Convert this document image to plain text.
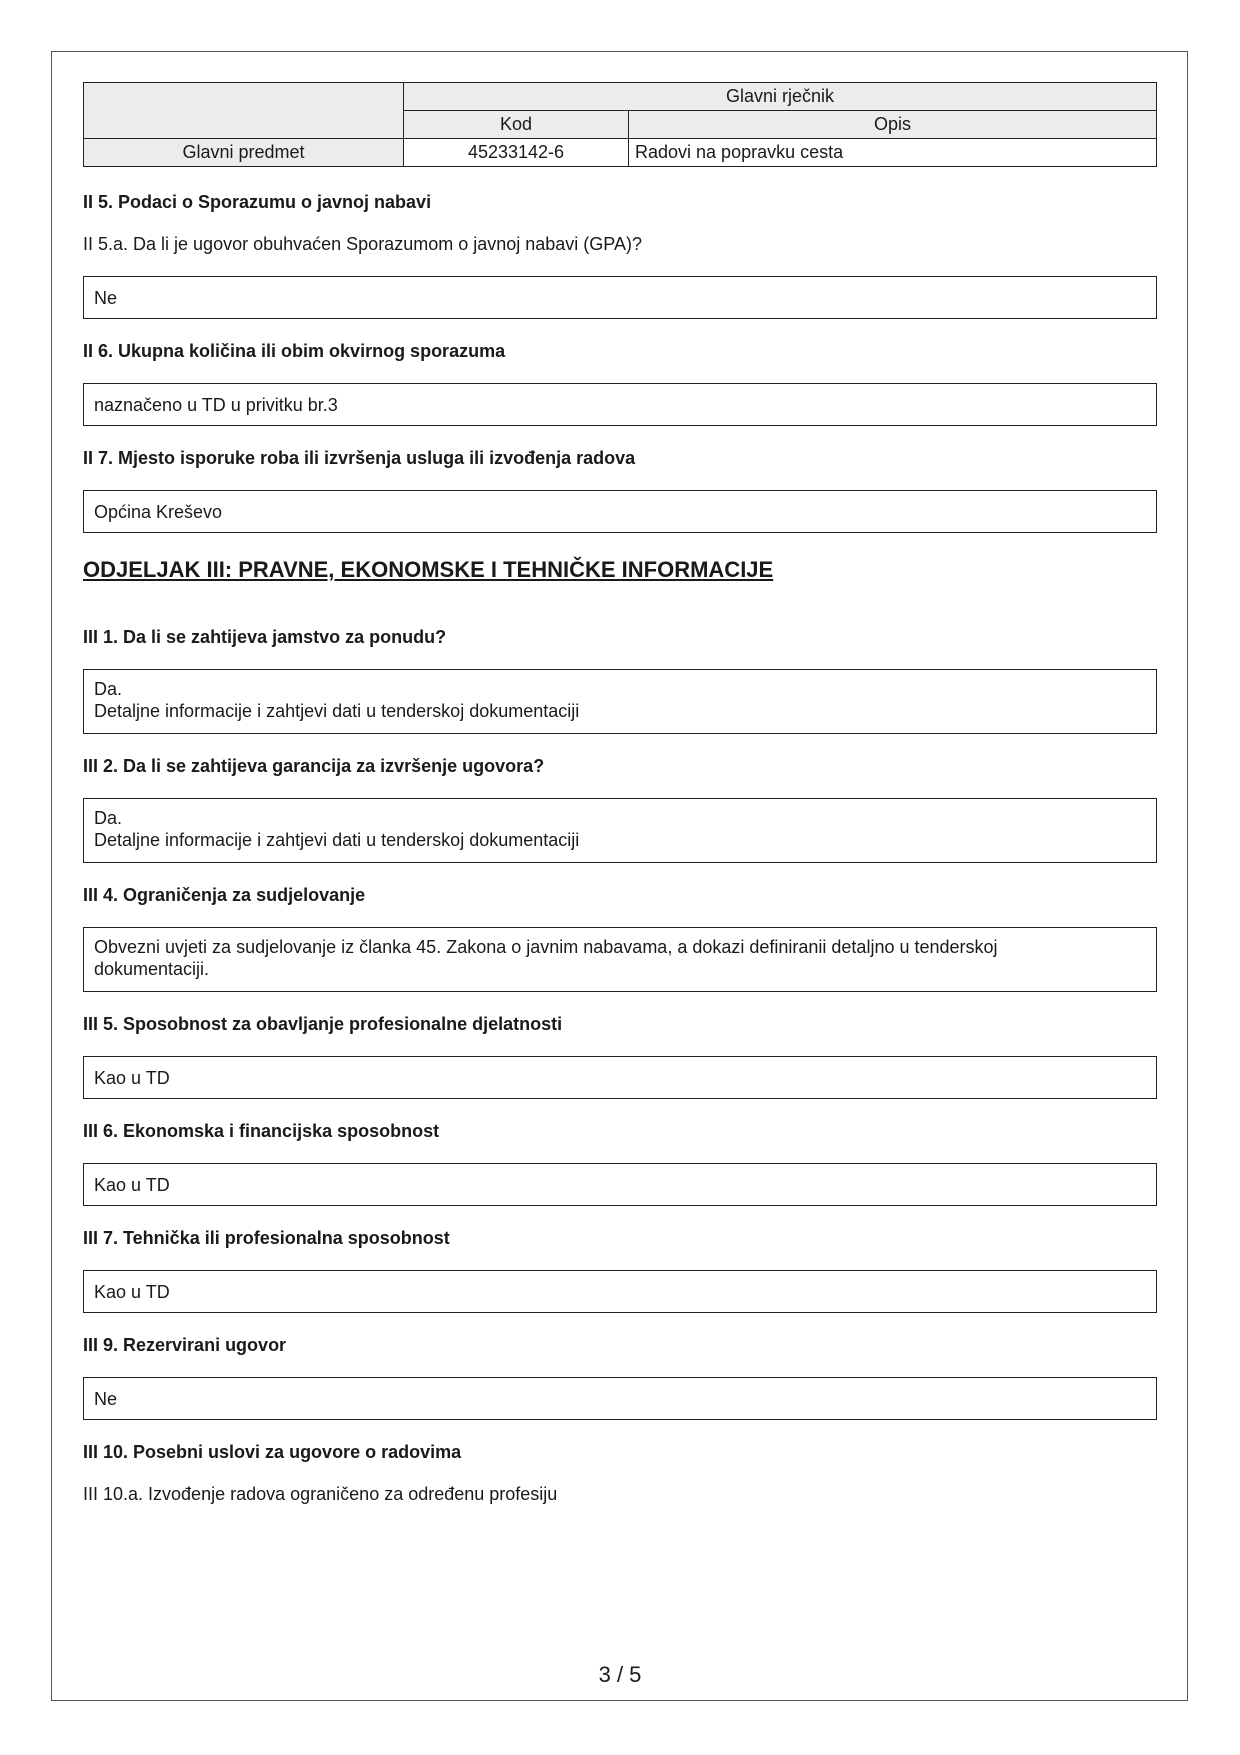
	Glavni rječnik	
	Kod	Opis
Glavni predmet	45233142-6	Radovi na popravku cesta

II 5. Podaci o Sporazumu o javnoj nabavi

II 5.a. Da li je ugovor obuhvaćen Sporazumom o javnoj nabavi (GPA)?

Ne

II 6. Ukupna količina ili obim okvirnog sporazuma

naznačeno u TD u privitku br.3

II 7. Mjesto isporuke roba ili izvršenja usluga ili izvođenja radova

Općina Kreševo

ODJELJAK III: PRAVNE, EKONOMSKE I TEHNIČKE INFORMACIJE

III 1. Da li se zahtijeva jamstvo za ponudu?

Da.
Detaljne informacije i zahtjevi dati u tenderskoj dokumentaciji

III 2. Da li se zahtijeva garancija za izvršenje ugovora?

Da.
Detaljne informacije i zahtjevi dati u tenderskoj dokumentaciji

III 4. Ograničenja za sudjelovanje

Obvezni uvjeti za sudjelovanje iz članka 45. Zakona o javnim nabavama, a dokazi definiranii detaljno u tenderskoj
dokumentaciji.

III 5. Sposobnost za obavljanje profesionalne djelatnosti

Kao u TD

III 6. Ekonomska i financijska sposobnost

Kao u TD

III 7. Tehnička ili profesionalna sposobnost

Kao u TD

III 9. Rezervirani ugovor

Ne

III 10. Posebni uslovi za ugovore o radovima

III 10.a. Izvođenje radova ograničeno za određenu profesiju

3 / 5
